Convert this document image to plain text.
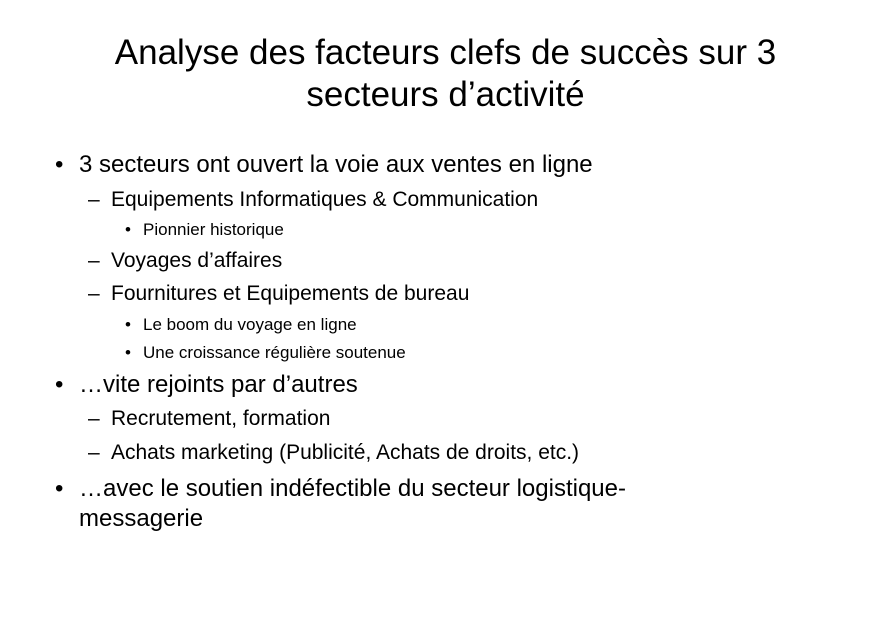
Analyse des facteurs clefs de succès sur 3
secteurs d’activité
• 3 secteurs ont ouvert la voie aux ventes en ligne
– Equipements Informatiques & Communication
• Pionnier historique
– Voyages d’affaires
– Fournitures et Equipements de bureau
• Le boom du voyage en ligne
• Une croissance régulière soutenue
• …vite rejoints par d’autres
– Recrutement, formation
– Achats marketing (Publicité, Achats de droits, etc.)
• …avec le soutien indéfectible du secteur logistique-
messagerie
